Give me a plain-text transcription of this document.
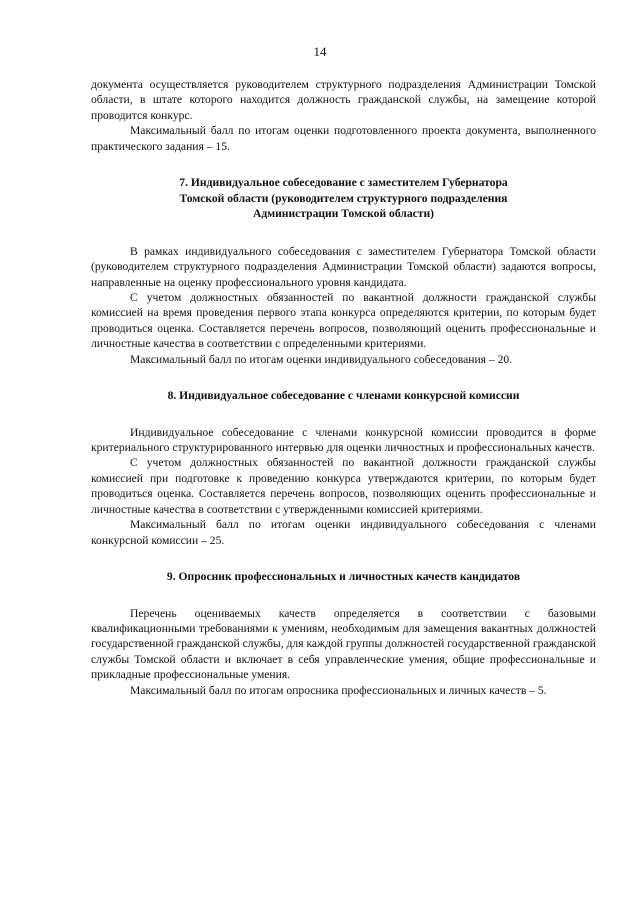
14

документа осуществляется руководителем структурного подразделения Администрации Томской области, в штате которого находится должность гражданской службы, на замещение которой проводится конкурс.

Максимальный балл по итогам оценки подготовленного проекта документа, выполненного практического задания – 15.

7. Индивидуальное собеседование с заместителем Губернатора
Томской области (руководителем структурного подразделения
Администрации Томской области)

В рамках индивидуального собеседования с заместителем Губернатора Томской области (руководителем структурного подразделения Администрации Томской области) задаются вопросы, направленные на оценку профессионального уровня кандидата.

С учетом должностных обязанностей по вакантной должности гражданской службы комиссией на время проведения первого этапа конкурса определяются критерии, по которым будет проводиться оценка. Составляется перечень вопросов, позволяющий оценить профессиональные и личностные качества в соответствии с определенными критериями.

Максимальный балл по итогам оценки индивидуального собеседования – 20.

8. Индивидуальное собеседование с членами конкурсной комиссии

Индивидуальное собеседование с членами конкурсной комиссии проводится в форме критериального структурированного интервью для оценки личностных и профессиональных качеств.

С учетом должностных обязанностей по вакантной должности гражданской службы комиссией при подготовке к проведению конкурса утверждаются критерии, по которым будет проводиться оценка. Составляется перечень вопросов, позволяющих оценить профессиональные и личностные качества в соответствии с утвержденными комиссией критериями.

Максимальный балл по итогам оценки индивидуального собеседования с членами конкурсной комиссии – 25.

9. Опросник профессиональных и личностных качеств кандидатов

Перечень оцениваемых качеств определяется в соответствии с базовыми квалификационными требованиями к умениям, необходимым для замещения вакантных должностей государственной гражданской службы, для каждой группы должностей государственной гражданской службы Томской области и включает в себя управленческие умения, общие профессиональные и прикладные профессиональные умения.

Максимальный балл по итогам опросника профессиональных и личных качеств – 5.
